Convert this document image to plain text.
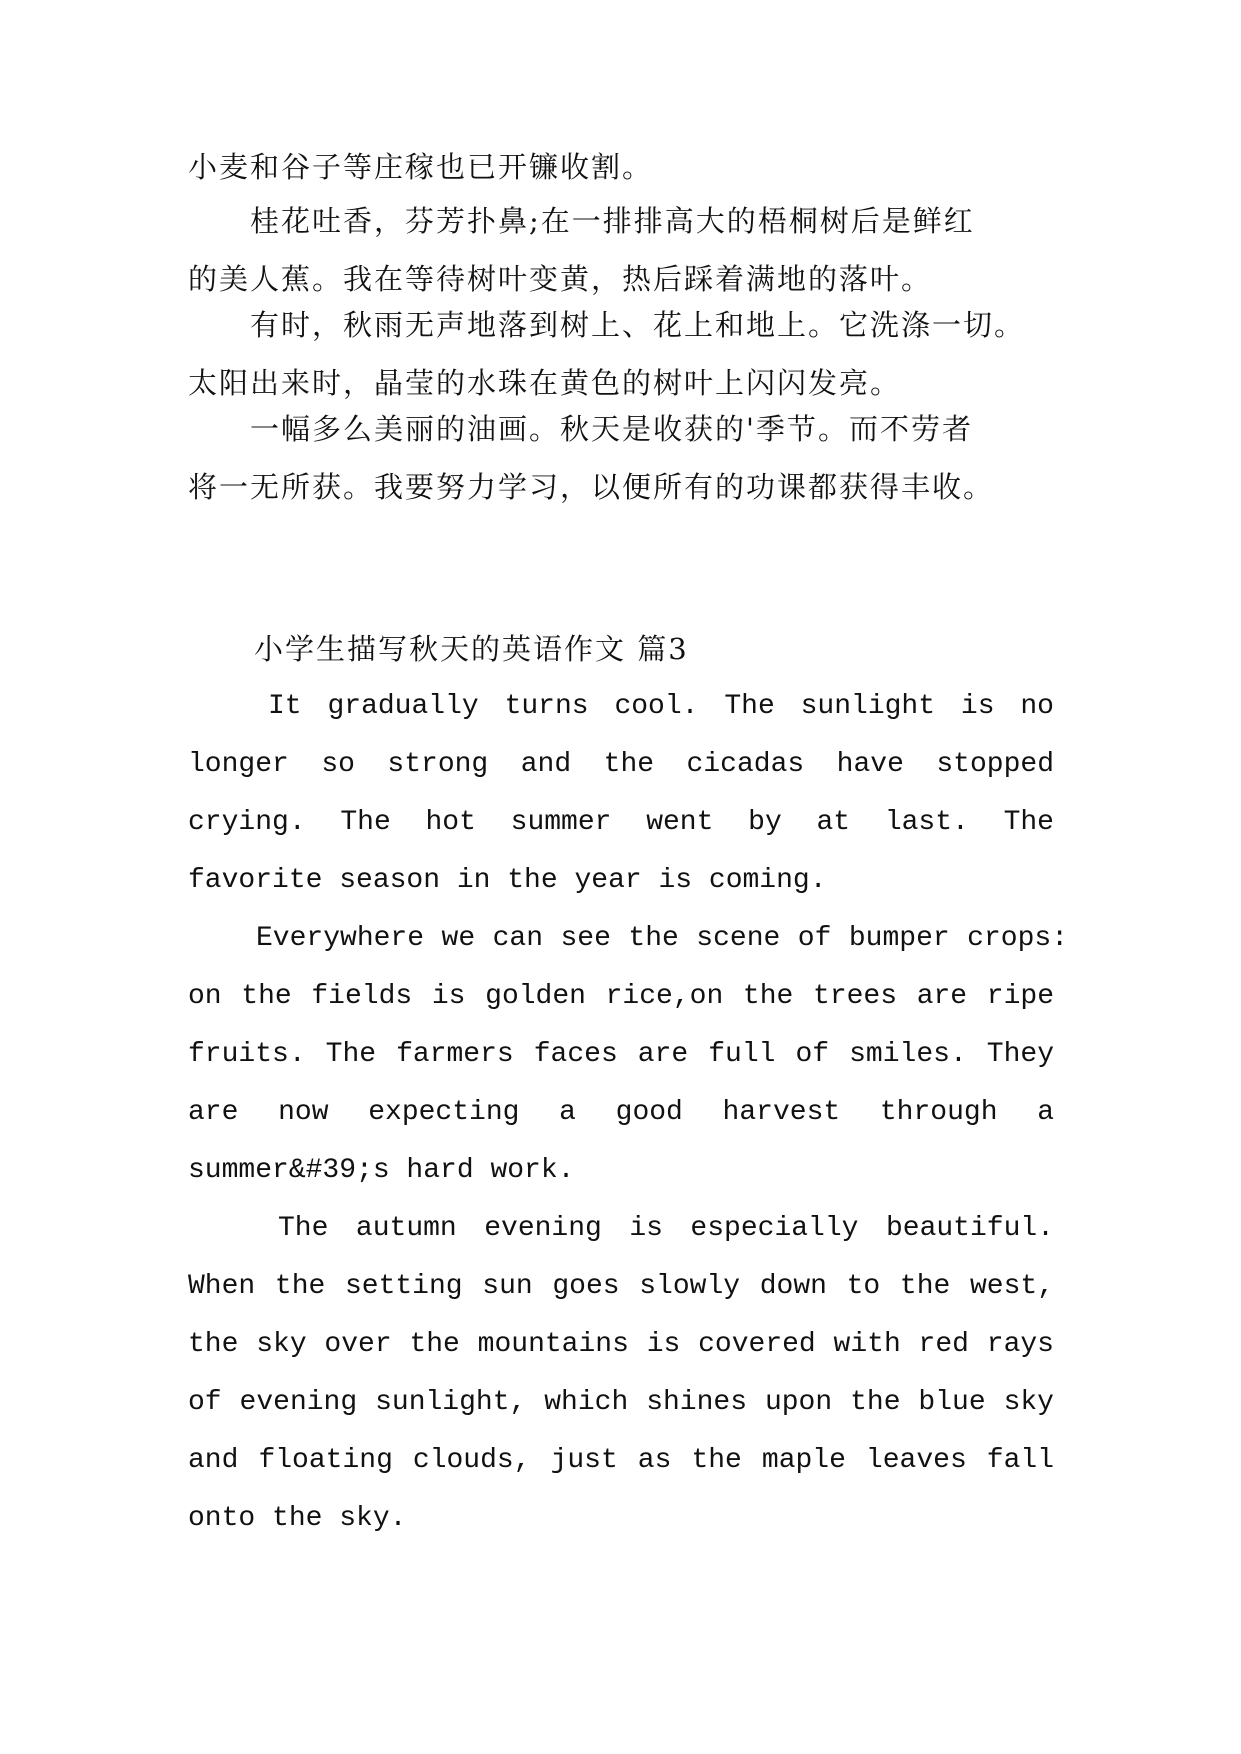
小麦和谷子等庄稼也已开镰收割。

　　桂花吐香，芬芳扑鼻;在一排排高大的梧桐树后是鲜红
的美人蕉。我在等待树叶变黄，热后踩着满地的落叶。

　　有时，秋雨无声地落到树上、花上和地上。它洗涤一切。
太阳出来时，晶莹的水珠在黄色的树叶上闪闪发亮。

　　一幅多么美丽的油画。秋天是收获的'季节。而不劳者
将一无所获。我要努力学习，以便所有的功课都获得丰收。

小学生描写秋天的英语作文 篇3
It gradually turns cool. The sunlight is no
longer so strong and the cicadas have stopped
crying. The hot summer went by at last. The
favorite season in the year is coming.
Everywhere we can see the scene of bumper crops:
on the fields is golden rice,on the trees are ripe
fruits. The farmers faces are full of smiles. They
are now expecting a good harvest through a
summer&#39;s hard work.
The autumn evening is especially beautiful.
When the setting sun goes slowly down to the west,
the sky over the mountains is covered with red rays
of evening sunlight, which shines upon the blue sky
and floating clouds, just as the maple leaves fall
onto the sky.
